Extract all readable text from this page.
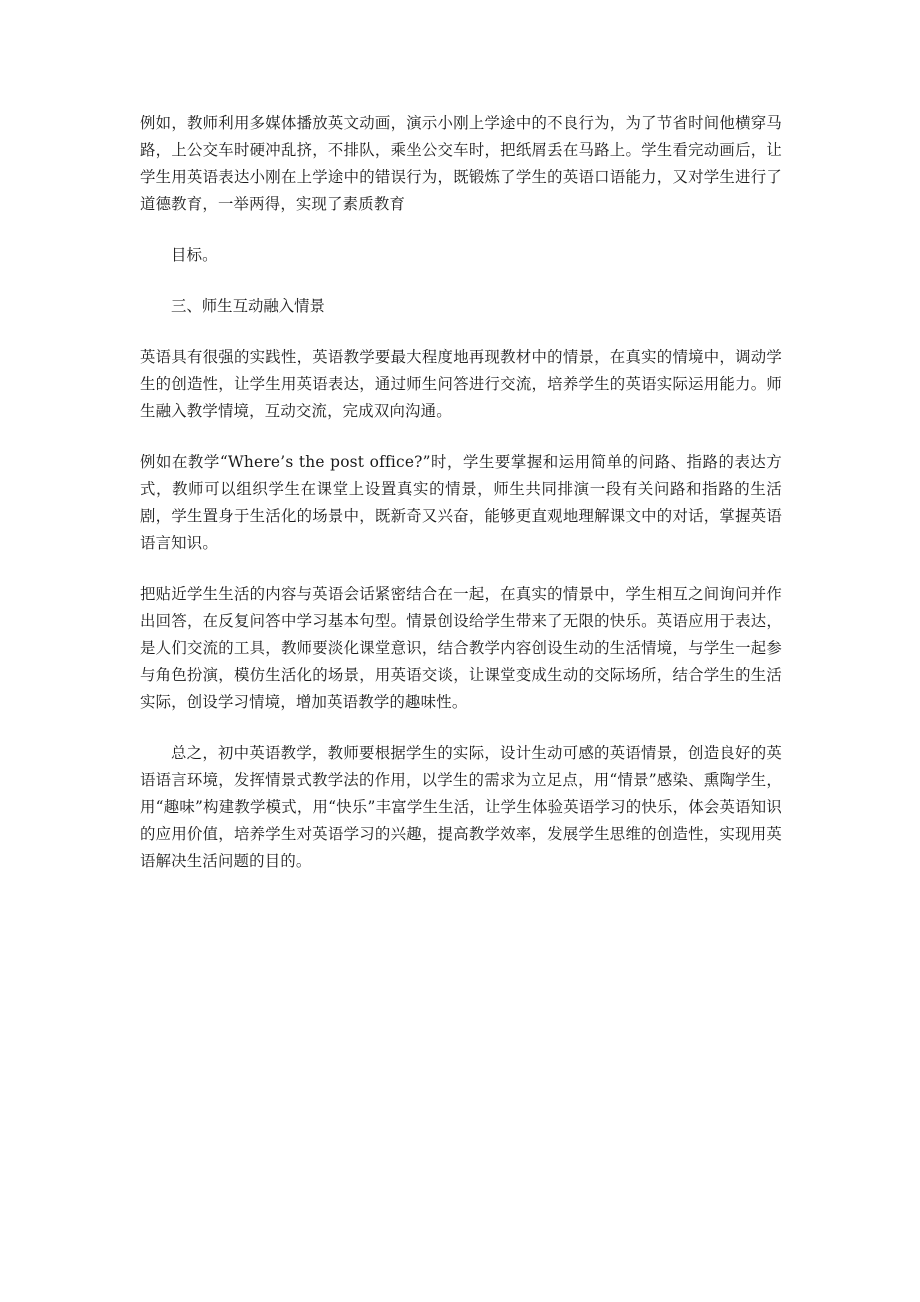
例如，教师利用多媒体播放英文动画，演示小刚上学途中的不良行为，为了节省时间他横穿马路，上公交车时硬冲乱挤，不排队，乘坐公交车时，把纸屑丢在马路上。学生看完动画后，让学生用英语表达小刚在上学途中的错误行为，既锻炼了学生的英语口语能力，又对学生进行了道德教育，一举两得，实现了素质教育

目标。

三、师生互动融入情景

英语具有很强的实践性，英语教学要最大程度地再现教材中的情景，在真实的情境中，调动学生的创造性，让学生用英语表达，通过师生问答进行交流，培养学生的英语实际运用能力。师生融入教学情境，互动交流，完成双向沟通。

例如在教学“Where’s the post office?”时，学生要掌握和运用简单的问路、指路的表达方式，教师可以组织学生在课堂上设置真实的情景，师生共同排演一段有关问路和指路的生活剧，学生置身于生活化的场景中，既新奇又兴奋，能够更直观地理解课文中的对话，掌握英语语言知识。

把贴近学生生活的内容与英语会话紧密结合在一起，在真实的情景中，学生相互之间询问并作出回答，在反复问答中学习基本句型。情景创设给学生带来了无限的快乐。英语应用于表达，是人们交流的工具，教师要淡化课堂意识，结合教学内容创设生动的生活情境，与学生一起参与角色扮演，模仿生活化的场景，用英语交谈，让课堂变成生动的交际场所，结合学生的生活实际，创设学习情境，增加英语教学的趣味性。

总之，初中英语教学，教师要根据学生的实际，设计生动可感的英语情景，创造良好的英语语言环境，发挥情景式教学法的作用，以学生的需求为立足点，用“情景”感染、熏陶学生，用“趣味”构建教学模式，用“快乐”丰富学生生活，让学生体验英语学习的快乐，体会英语知识的应用价值，培养学生对英语学习的兴趣，提高教学效率，发展学生思维的创造性，实现用英语解决生活问题的目的。
